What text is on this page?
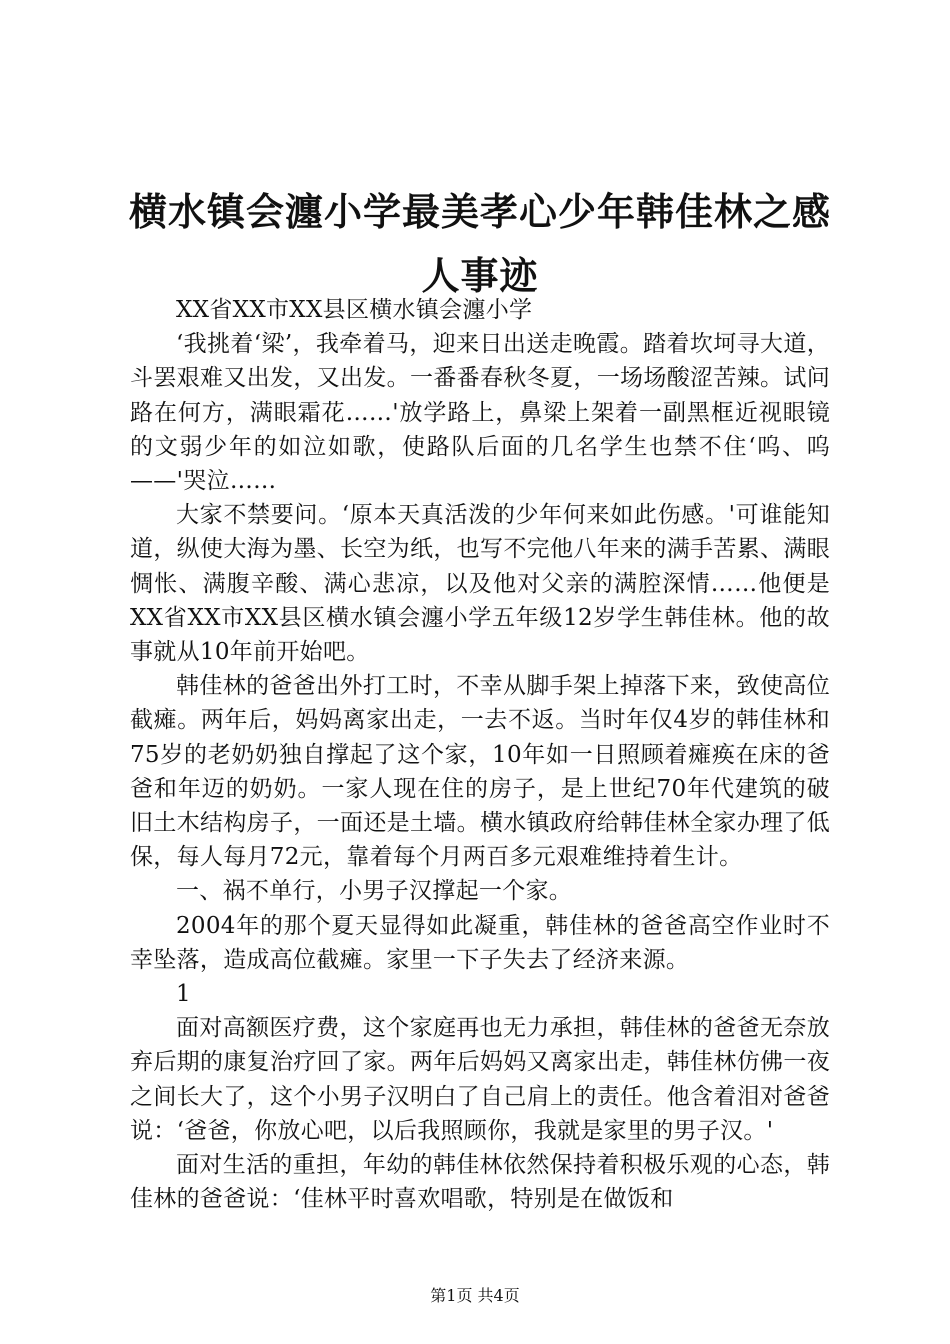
横水镇会瀍小学最美孝心少年韩佳林之感人事迹

XX省XX市XX县区横水镇会瀍小学

‘我挑着‘梁’，我牵着马，迎来日出送走晚霞。踏着坎坷寻大道，斗罢艰难又出发，又出发。一番番春秋冬夏，一场场酸涩苦辣。试问路在何方，满眼霜花……'放学路上，鼻梁上架着一副黑框近视眼镜的文弱少年的如泣如歌，使路队后面的几名学生也禁不住‘呜、呜——'哭泣……

大家不禁要问。‘原本天真活泼的少年何来如此伤感。'可谁能知道，纵使大海为墨、长空为纸，也写不完他八年来的满手苦累、满眼惆怅、满腹辛酸、满心悲凉，以及他对父亲的满腔深情……他便是XX省XX市XX县区横水镇会瀍小学五年级12岁学生韩佳林。他的故事就从10年前开始吧。

韩佳林的爸爸出外打工时，不幸从脚手架上掉落下来，致使高位截瘫。两年后，妈妈离家出走，一去不返。当时年仅4岁的韩佳林和75岁的老奶奶独自撑起了这个家，10年如一日照顾着瘫痪在床的爸爸和年迈的奶奶。一家人现在住的房子，是上世纪70年代建筑的破旧土木结构房子，一面还是土墙。横水镇政府给韩佳林全家办理了低保，每人每月72元，靠着每个月两百多元艰难维持着生计。

一、祸不单行，小男子汉撑起一个家。

2004年的那个夏天显得如此凝重，韩佳林的爸爸高空作业时不幸坠落，造成高位截瘫。家里一下子失去了经济来源。

1

面对高额医疗费，这个家庭再也无力承担，韩佳林的爸爸无奈放弃后期的康复治疗回了家。两年后妈妈又离家出走，韩佳林仿佛一夜之间长大了，这个小男子汉明白了自己肩上的责任。他含着泪对爸爸说：‘爸爸，你放心吧，以后我照顾你，我就是家里的男子汉。'

面对生活的重担，年幼的韩佳林依然保持着积极乐观的心态，韩佳林的爸爸说：‘佳林平时喜欢唱歌，特别是在做饭和

第1页 共4页
